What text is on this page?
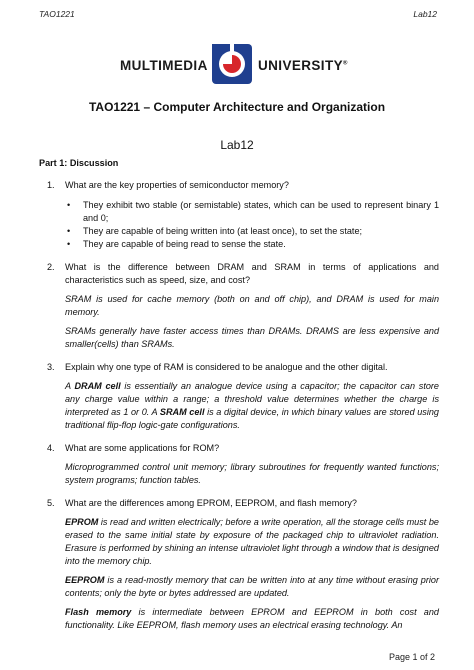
TAO1221	Lab12
MULTIMEDIA	UNIVERSITY®
TAO1221 – Computer Architecture and Organization
Lab12

Part 1: Discussion

1. What are the key properties of semiconductor memory?

• They exhibit two stable (or semistable) states, which can be used to represent binary 1 and 0;
• They are capable of being written into (at least once), to set the state;
• They are capable of being read to sense the state.

2. What is the difference between DRAM and SRAM in terms of applications and characteristics such as speed, size, and cost?

SRAM is used for cache memory (both on and off chip), and DRAM is used for main memory.

SRAMs generally have faster access times than DRAMs. DRAMS are less expensive and smaller(cells) than SRAMs.

3. Explain why one type of RAM is considered to be analogue and the other digital.

A DRAM cell is essentially an analogue device using a capacitor; the capacitor can store any charge value within a range; a threshold value determines whether the charge is interpreted as 1 or 0. A SRAM cell is a digital device, in which binary values are stored using traditional flip-flop logic-gate configurations.

4. What are some applications for ROM?

Microprogrammed control unit memory; library subroutines for frequently wanted functions; system programs; function tables.

5. What are the differences among EPROM, EEPROM, and flash memory?

EPROM is read and written electrically; before a write operation, all the storage cells must be erased to the same initial state by exposure of the packaged chip to ultraviolet radiation. Erasure is performed by shining an intense ultraviolet light through a window that is designed into the memory chip.

EEPROM is a read-mostly memory that can be written into at any time without erasing prior contents; only the byte or bytes addressed are updated.

Flash memory is intermediate between EPROM and EEPROM in both cost and functionality. Like EEPROM, flash memory uses an electrical erasing technology. An

Page 1 of 2
